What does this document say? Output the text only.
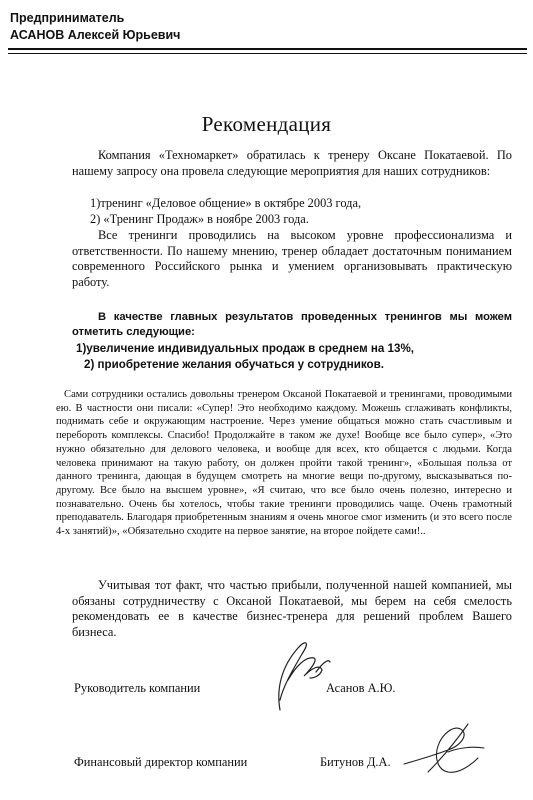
Предприниматель
АСАНОВ Алексей Юрьевич
Рекомендация
Компания «Техномаркет» обратилась к тренеру Оксане Покатаевой. По нашему запросу она провела следующие мероприятия для наших сотрудников:
1)тренинг «Деловое общение» в октябре 2003 года,
2) «Тренинг Продаж» в ноябре 2003 года.
Все тренинги проводились на высоком уровне профессионализма и ответственности. По нашему мнению, тренер обладает достаточным пониманием современного Российского рынка и умением организовывать практическую работу.
В качестве главных результатов проведенных тренингов мы можем отметить следующие:
1)увеличение индивидуальных продаж в среднем на 13%,
2) приобретение желания обучаться у сотрудников.
Сами сотрудники остались довольны тренером Оксаной Покатаевой и тренингами, проводимыми ею. В частности они писали: «Супер! Это необходимо каждому. Можешь сглаживать конфликты, поднимать себе и окружающим настроение. Через умение общаться можно стать счастливым и перебороть комплексы. Спасибо! Продолжайте в таком же духе! Вообще все было супер», «Это нужно обязательно для делового человека, и вообще для всех, кто общается с людьми. Когда человека принимают на такую работу, он должен пройти такой тренинг», «Большая польза от данного тренинга, дающая в будущем смотреть на многие вещи по-другому, высказываться по-другому. Все было на высшем уровне», «Я считаю, что все было очень полезно, интересно и познавательно. Очень бы хотелось, чтобы такие тренинги проводились чаще. Очень грамотный преподаватель. Благодаря приобретенным знаниям я очень многое смог изменить (и это всего после 4-х занятий)», «Обязательно сходите на первое занятие, на второе пойдете сами!..
Учитывая тот факт, что частью прибыли, полученной нашей компанией, мы обязаны сотрудничеству с Оксаной Покатаевой, мы берем на себя смелость рекомендовать ее в качестве бизнес-тренера для решений проблем Вашего бизнеса.
Руководитель компании	Асанов А.Ю.
Финансовый директор компании	Битунов Д.А.
